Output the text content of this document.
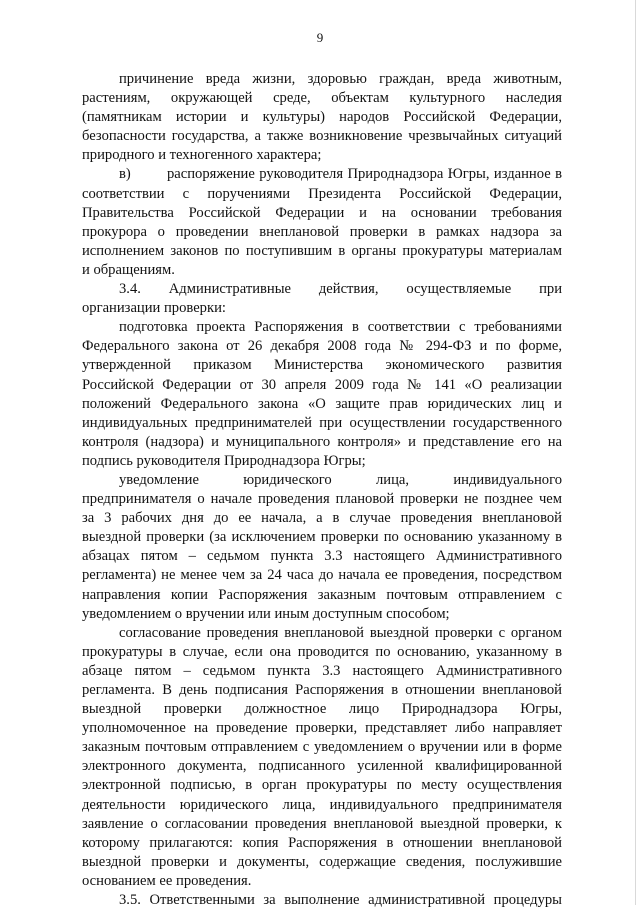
9
причинение вреда жизни, здоровью граждан, вреда животным,
растениям, окружающей среде, объектам культурного наследия
(памятникам истории и культуры) народов Российской Федерации,
безопасности государства, а также возникновение чрезвычайных ситуаций
природного и техногенного характера;
в) распоряжение руководителя Природнадзора Югры, изданное в
соответствии с поручениями Президента Российской Федерации,
Правительства Российской Федерации и на основании требования
прокурора о проведении внеплановой проверки в рамках надзора за
исполнением законов по поступившим в органы прокуратуры материалам
и обращениям.
3.4. Административные действия, осуществляемые при
организации проверки:
подготовка проекта Распоряжения в соответствии с требованиями
Федерального закона от 26 декабря 2008 года № 294-ФЗ и по форме,
утвержденной приказом Министерства экономического развития
Российской Федерации от 30 апреля 2009 года № 141 «О реализации
положений Федерального закона «О защите прав юридических лиц и
индивидуальных предпринимателей при осуществлении государственного
контроля (надзора) и муниципального контроля» и представление его на
подпись руководителя Природнадзора Югры;
уведомление юридического лица, индивидуального
предпринимателя о начале проведения плановой проверки не позднее чем
за 3 рабочих дня до ее начала, а в случае проведения внеплановой
выездной проверки (за исключением проверки по основанию указанному в
абзацах пятом – седьмом пункта 3.3 настоящего Административного
регламента) не менее чем за 24 часа до начала ее проведения, посредством
направления копии Распоряжения заказным почтовым отправлением с
уведомлением о вручении или иным доступным способом;
согласование проведения внеплановой выездной проверки с органом
прокуратуры в случае, если она проводится по основанию, указанному в
абзаце пятом – седьмом пункта 3.3 настоящего Административного
регламента. В день подписания Распоряжения в отношении внеплановой
выездной проверки должностное лицо Природнадзора Югры,
уполномоченное на проведение проверки, представляет либо направляет
заказным почтовым отправлением с уведомлением о вручении или в форме
электронного документа, подписанного усиленной квалифицированной
электронной подписью, в орган прокуратуры по месту осуществления
деятельности юридического лица, индивидуального предпринимателя
заявление о согласовании проведения внеплановой выездной проверки, к
которому прилагаются: копия Распоряжения в отношении внеплановой
выездной проверки и документы, содержащие сведения, послужившие
основанием ее проведения.
3.5. Ответственными за выполнение административной процедуры
